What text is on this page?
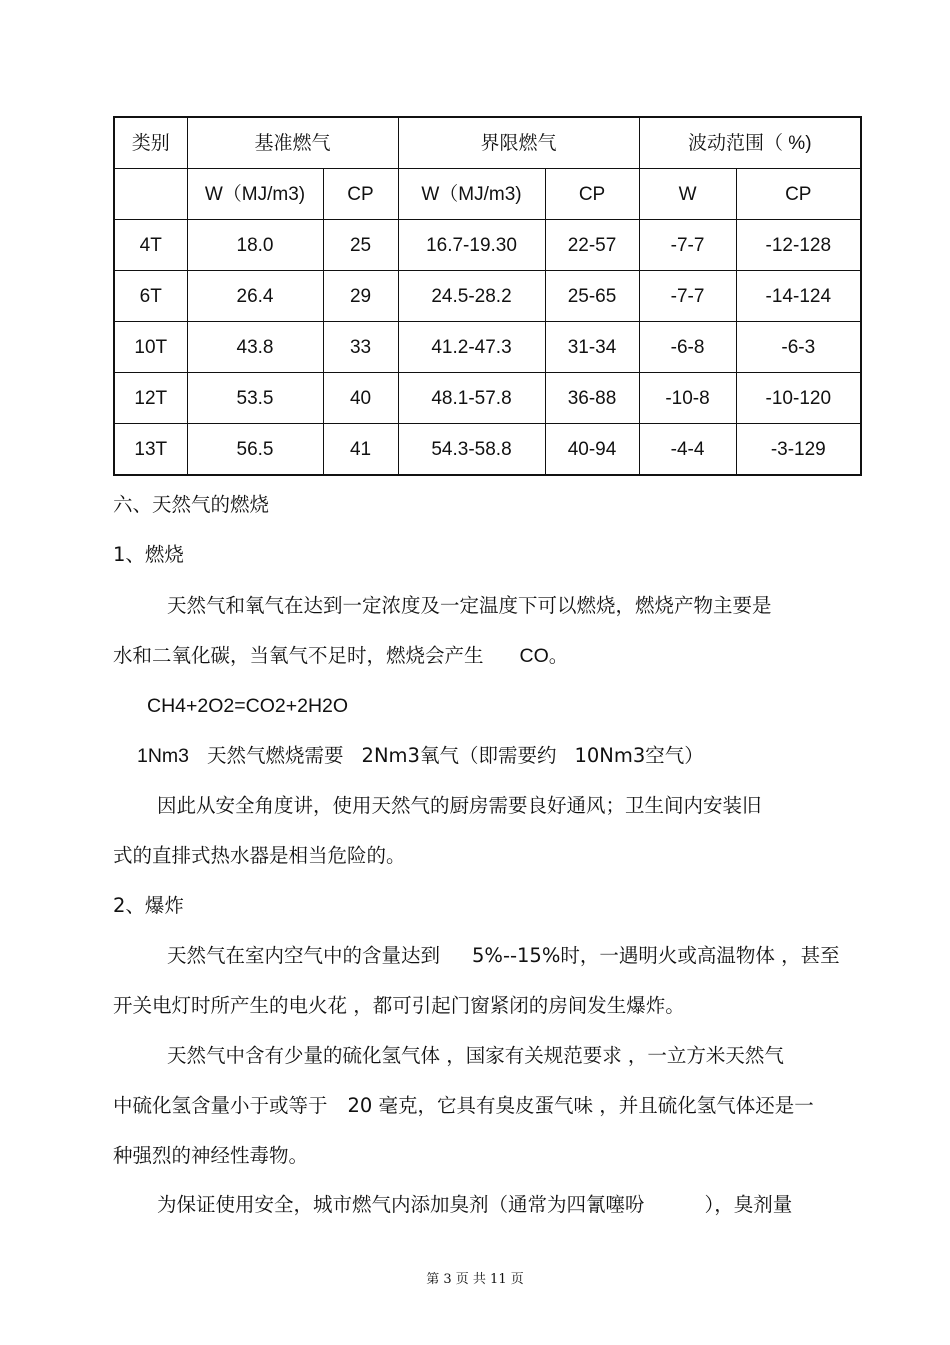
类别	基准燃气		界限燃气		波动范围（ %)	
	W（MJ/m3)	CP	W（MJ/m3)	CP	W	CP
4T	18.0	25	16.7-19.30	22-57	-7-7	-12-128
6T	26.4	29	24.5-28.2	25-65	-7-7	-14-124
10T	43.8	33	41.2-47.3	31-34	-6-8	-6-3
12T	53.5	40	48.1-57.8	36-88	-10-8	-10-120
13T	56.5	41	54.3-58.8	40-94	-4-4	-3-129
六、天然气的燃烧
1、燃烧
天然气和氧气在达到一定浓度及一定温度下可以燃烧，燃烧产物主要是
水和二氧化碳，当氧气不足时，燃烧会产生 CO。
CH4+2O2=CO2+2H2O
1Nm3 天然气燃烧需要 2Nm3氧气（即需要约 10Nm3空气）
因此从安全角度讲，使用天然气的厨房需要良好通风；卫生间内安装旧
式的直排式热水器是相当危险的。
2、爆炸
天然气在室内空气中的含量达到 5%--15%时，一遇明火或高温物体 ，甚至
开关电灯时所产生的电火花 ，都可引起门窗紧闭的房间发生爆炸。
天然气中含有少量的硫化氢气体 ，国家有关规范要求 ，一立方米天然气
中硫化氢含量小于或等于 20 毫克，它具有臭皮蛋气味 ，并且硫化氢气体还是一
种强烈的神经性毒物。
为保证使用安全，城市燃气内添加臭剂（通常为四氰噻吩	），臭剂量
第 3 页 共 11 页
